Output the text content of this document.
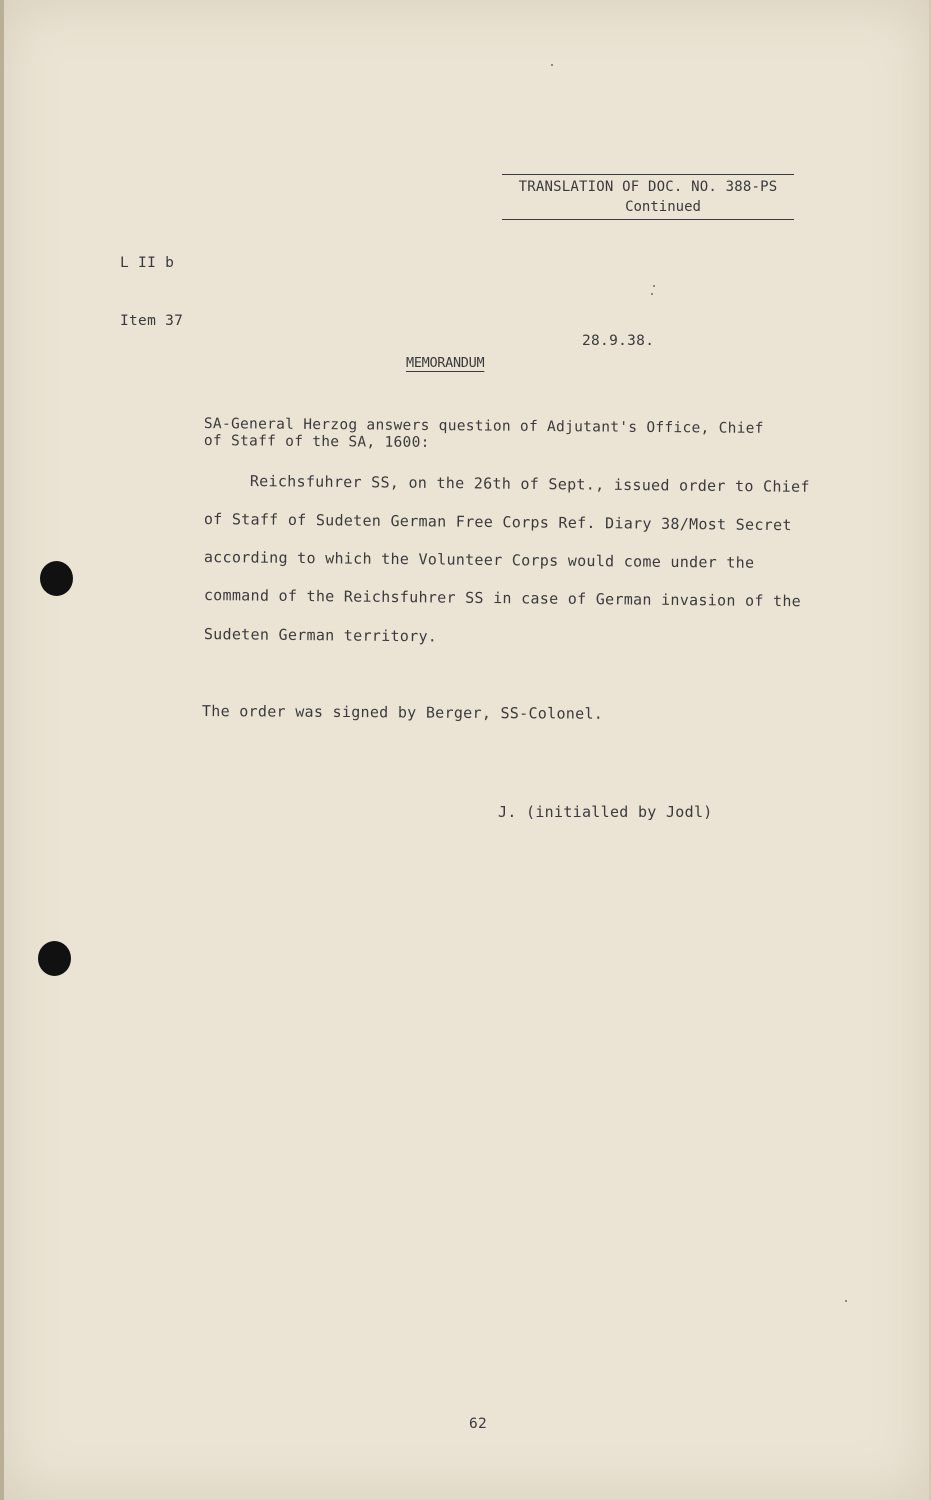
TRANSLATION OF DOC. NO. 388-PS

Continued

L II b

Item 37

28.9.38.

MEMORANDUM

SA-General Herzog answers question of Adjutant's Office, Chief

of Staff of the SA, 1600:

Reichsfuhrer SS, on the 26th of Sept., issued order to Chief

of Staff of Sudeten German Free Corps Ref. Diary 38/Most Secret

according to which the Volunteer Corps would come under the

command of the Reichsfuhrer SS in case of German invasion of the

Sudeten German territory.

The order was signed by Berger, SS-Colonel.

J. (initialled by Jodl)

62
